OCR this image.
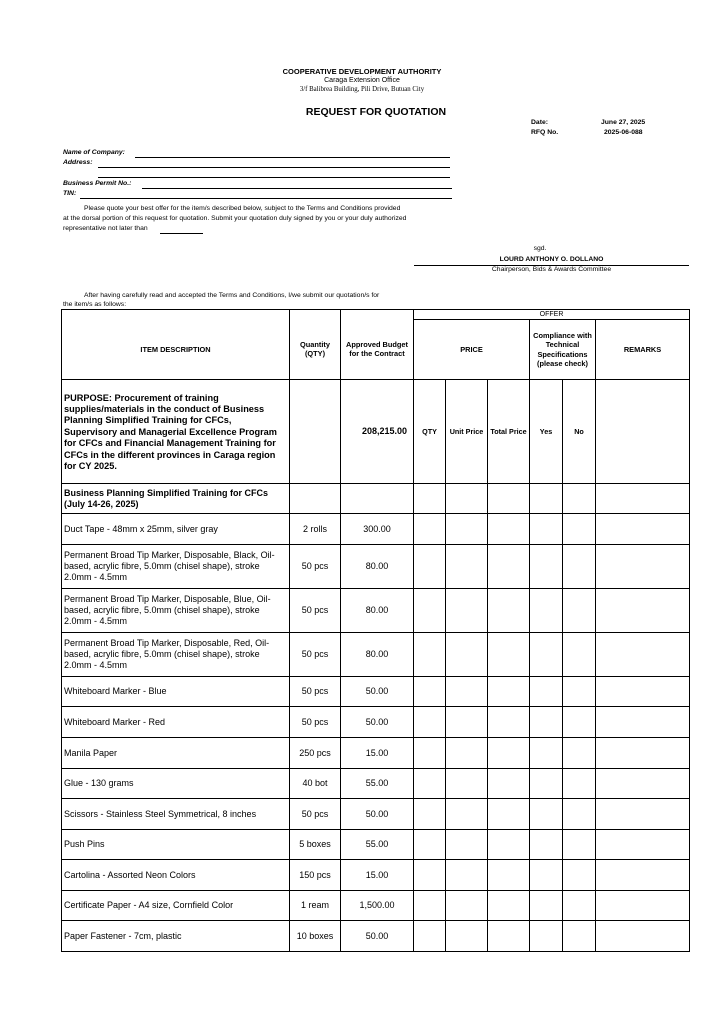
COOPERATIVE DEVELOPMENT AUTHORITY
Caraga Extension Office
3/f Balibrea Building, Pili Drive, Butuan City
REQUEST FOR QUOTATION
Date:	June 27, 2025
RFQ No.	2025-06-088
Name of Company:
Address:
Business Permit No.:
TIN:
Please quote your best offer for the item/s described below, subject to the Terms and Conditions provided
at the dorsal portion of this request for quotation. Submit your quotation duly signed by you or your duly authorized
representative not later than
sgd.
LOURD ANTHONY O. DOLLANO
Chairperson, Bids & Awards Committee
After having carefully read and accepted the Terms and Conditions, I/we submit our quotation/s for
the item/s as follows:
			OFFER					
ITEM DESCRIPTION	Quantity (QTY)	Approved Budget for the Contract	PRICE			Compliance with Technical Specifications (please check)		REMARKS
PURPOSE: Procurement of training supplies/materials in the conduct of Business Planning Simplified Training for CFCs, Supervisory and Managerial Excellence Program for CFCs and Financial Management Training for CFCs in the different provinces in Caraga region for CY 2025.		208,215.00	QTY	Unit Price	Total Price	Yes	No	
Business Planning Simplified Training for CFCs (July 14-26, 2025)								
Duct Tape - 48mm x 25mm, silver gray	2 rolls	300.00						
Permanent Broad Tip Marker, Disposable, Black, Oil-based, acrylic fibre, 5.0mm (chisel shape), stroke 2.0mm - 4.5mm	50 pcs	80.00						
Permanent Broad Tip Marker, Disposable, Blue, Oil-based, acrylic fibre, 5.0mm (chisel shape), stroke 2.0mm - 4.5mm	50 pcs	80.00						
Permanent Broad Tip Marker, Disposable, Red, Oil-based, acrylic fibre, 5.0mm (chisel shape), stroke 2.0mm - 4.5mm	50 pcs	80.00						
Whiteboard Marker - Blue	50 pcs	50.00						
Whiteboard Marker - Red	50 pcs	50.00						
Manila Paper	250 pcs	15.00						
Glue - 130 grams	40 bot	55.00						
Scissors - Stainless Steel Symmetrical, 8 inches	50 pcs	50.00						
Push Pins	5 boxes	55.00						
Cartolina - Assorted Neon Colors	150 pcs	15.00						
Certificate Paper - A4 size, Cornfield Color	1 ream	1,500.00						
Paper Fastener - 7cm, plastic	10 boxes	50.00						
